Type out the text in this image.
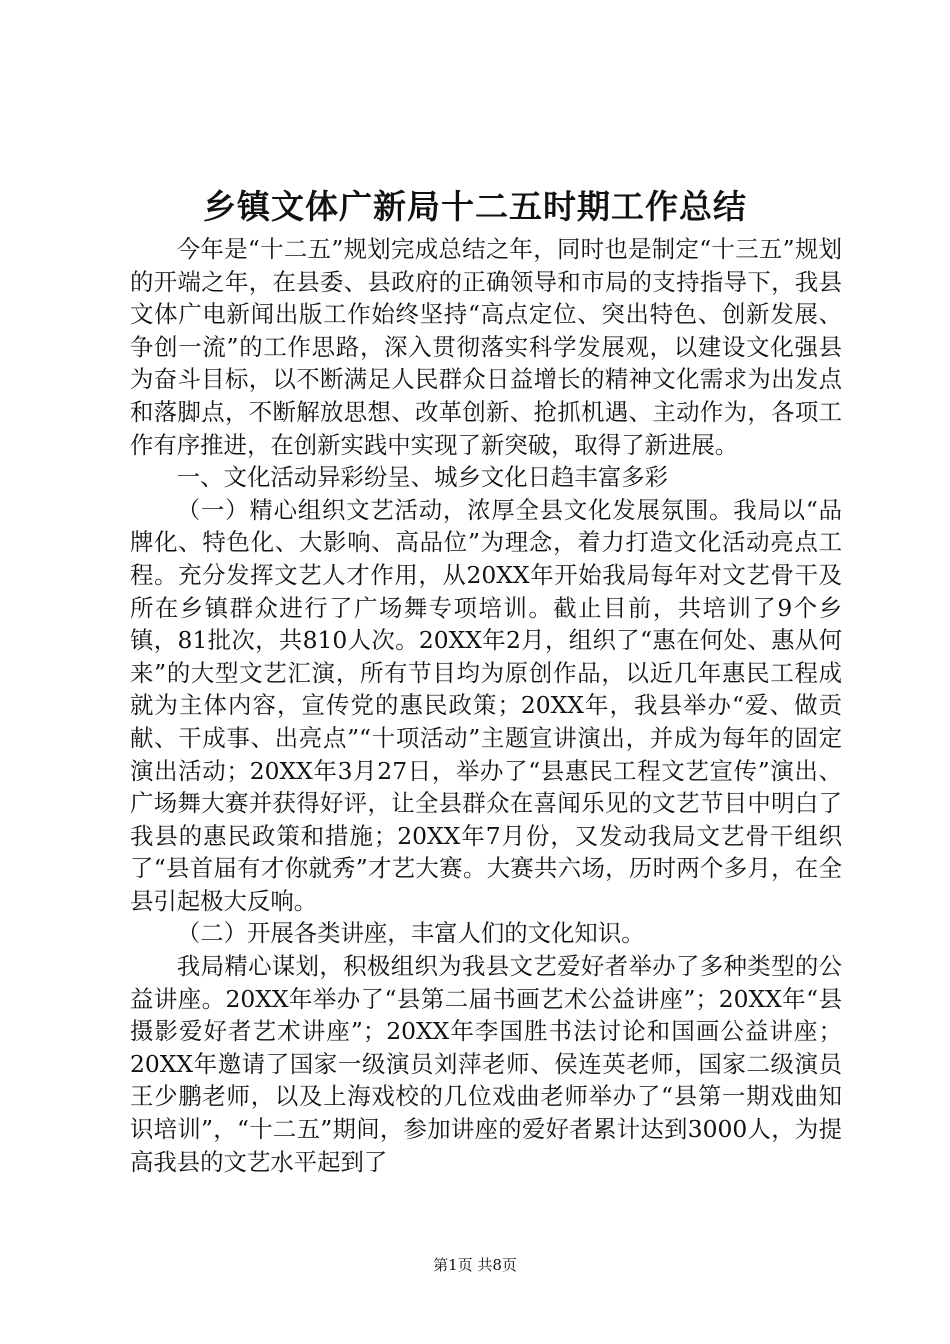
乡镇文体广新局十二五时期工作总结

今年是“十二五”规划完成总结之年，同时也是制定“十三五”规划的开端之年，在县委、县政府的正确领导和市局的支持指导下，我县文体广电新闻出版工作始终坚持“高点定位、突出特色、创新发展、争创一流”的工作思路，深入贯彻落实科学发展观，以建设文化强县为奋斗目标，以不断满足人民群众日益增长的精神文化需求为出发点和落脚点，不断解放思想、改革创新、抢抓机遇、主动作为，各项工作有序推进，在创新实践中实现了新突破，取得了新进展。

一、文化活动异彩纷呈、城乡文化日趋丰富多彩

（一）精心组织文艺活动，浓厚全县文化发展氛围。我局以“品牌化、特色化、大影响、高品位”为理念，着力打造文化活动亮点工程。充分发挥文艺人才作用，从20XX年开始我局每年对文艺骨干及所在乡镇群众进行了广场舞专项培训。截止目前，共培训了9个乡镇，81批次，共810人次。20XX年2月，组织了“惠在何处、惠从何来”的大型文艺汇演，所有节目均为原创作品，以近几年惠民工程成就为主体内容，宣传党的惠民政策；20XX年，我县举办“爱、做贡献、干成事、出亮点”“十项活动”主题宣讲演出，并成为每年的固定演出活动；20XX年3月27日，举办了“县惠民工程文艺宣传”演出、广场舞大赛并获得好评，让全县群众在喜闻乐见的文艺节目中明白了我县的惠民政策和措施；20XX年7月份，又发动我局文艺骨干组织了“县首届有才你就秀”才艺大赛。大赛共六场，历时两个多月，在全县引起极大反响。

（二）开展各类讲座，丰富人们的文化知识。

我局精心谋划，积极组织为我县文艺爱好者举办了多种类型的公益讲座。20XX年举办了“县第二届书画艺术公益讲座”；20XX年“县摄影爱好者艺术讲座”；20XX年李国胜书法讨论和国画公益讲座；20XX年邀请了国家一级演员刘萍老师、侯连英老师，国家二级演员王少鹏老师，以及上海戏校的几位戏曲老师举办了“县第一期戏曲知识培训”，“十二五”期间，参加讲座的爱好者累计达到3000人，为提高我县的文艺水平起到了

第1页 共8页
